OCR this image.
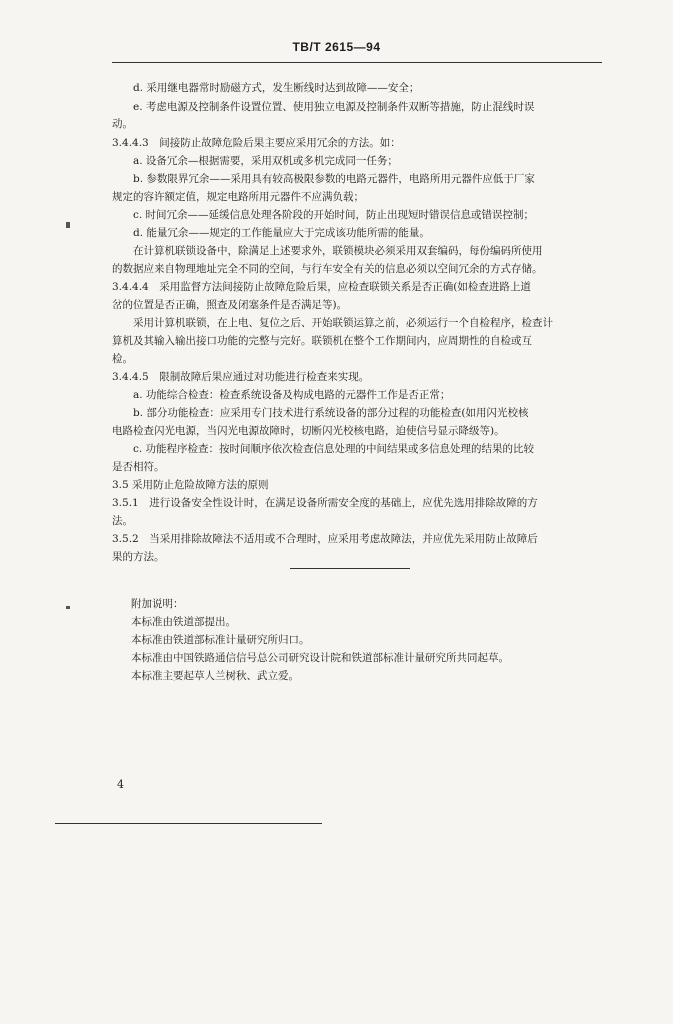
TB/T 2615—94
　　d. 采用继电器常时励磁方式，发生断线时达到故障——安全；
　　e. 考虑电源及控制条件设置位置、使用独立电源及控制条件双断等措施，防止混线时误
动。
3.4.4.3　间接防止故障危险后果主要应采用冗余的方法。如：
　　a. 设备冗余—根据需要，采用双机或多机完成同一任务；
　　b. 参数限界冗余——采用具有较高极限参数的电路元器件，电路所用元器件应低于厂家
规定的容许额定值，规定电路所用元器件不应满负载；
　　c. 时间冗余——延缓信息处理各阶段的开始时间，防止出现短时错误信息或错误控制；
　　d. 能量冗余——规定的工作能量应大于完成该功能所需的能量。
　　在计算机联锁设备中，除满足上述要求外，联锁模块必须采用双套编码，每份编码所使用
的数据应来自物理地址完全不同的空间，与行车安全有关的信息必须以空间冗余的方式存储。
3.4.4.4　采用监督方法间接防止故障危险后果，应检查联锁关系是否正确(如检查进路上道
岔的位置是否正确，照查及闭塞条件是否满足等)。
　　采用计算机联锁，在上电、复位之后、开始联锁运算之前，必须运行一个自检程序，检查计
算机及其输入输出接口功能的完整与完好。联锁机在整个工作期间内，应周期性的自检或互
检。
3.4.4.5　限制故障后果应通过对功能进行检查来实现。
　　a. 功能综合检查：检查系统设备及构成电路的元器件工作是否正常；
　　b. 部分功能检查：应采用专门技术进行系统设备的部分过程的功能检查(如用闪光校核
电路检查闪光电源，当闪光电源故障时，切断闪光校核电路，迫使信号显示降级等)。
　　c. 功能程序检查：按时间顺序依次检查信息处理的中间结果或多信息处理的结果的比较
是否相符。
3.5 采用防止危险故障方法的原则
3.5.1　进行设备安全性设计时，在满足设备所需安全度的基础上，应优先选用排除故障的方
法。
3.5.2　当采用排除故障法不适用或不合理时，应采用考虑故障法，并应优先采用防止故障后
果的方法。
附加说明：
本标准由铁道部提出。
本标准由铁道部标准计量研究所归口。
本标准由中国铁路通信信号总公司研究设计院和铁道部标准计量研究所共同起草。
本标准主要起草人兰树秋、武立爱。
4
